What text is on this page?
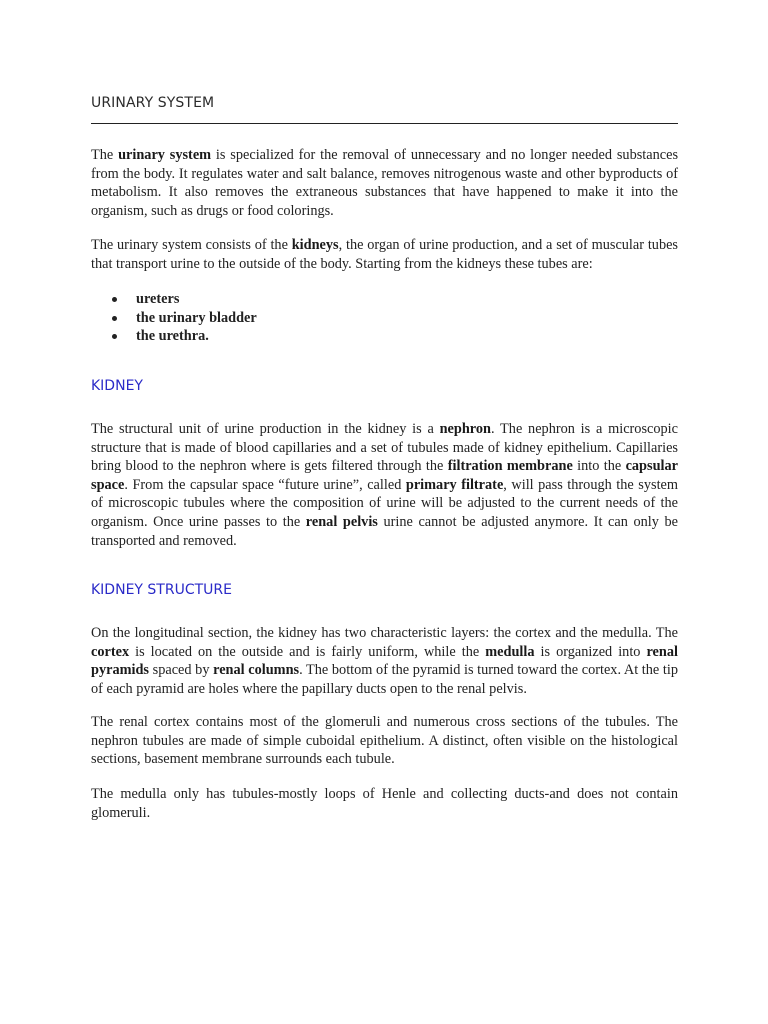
URINARY SYSTEM

The urinary system is specialized for the removal of unnecessary and no longer needed substances from the body. It regulates water and salt balance, removes nitrogenous waste and other byproducts of metabolism. It also removes the extraneous substances that have happened to make it into the organism, such as drugs or food colorings.

The urinary system consists of the kidneys, the organ of urine production, and a set of muscular tubes that transport urine to the outside of the body. Starting from the kidneys these tubes are:

ureters
the urinary bladder
the urethra.
KIDNEY

The structural unit of urine production in the kidney is a nephron. The nephron is a microscopic structure that is made of blood capillaries and a set of tubules made of kidney epithelium. Capillaries bring blood to the nephron where is gets filtered through the filtration membrane into the capsular space. From the capsular space “future urine”, called primary filtrate, will pass through the system of microscopic tubules where the composition of urine will be adjusted to the current needs of the organism. Once urine passes to the renal pelvis urine cannot be adjusted anymore. It can only be transported and removed.

KIDNEY STRUCTURE

On the longitudinal section, the kidney has two characteristic layers: the cortex and the medulla. The cortex is located on the outside and is fairly uniform, while the medulla is organized into renal pyramids spaced by renal columns. The bottom of the pyramid is turned toward the cortex. At the tip of each pyramid are holes where the papillary ducts open to the renal pelvis.

The renal cortex contains most of the glomeruli and numerous cross sections of the tubules. The nephron tubules are made of simple cuboidal epithelium. A distinct, often visible on the histological sections, basement membrane surrounds each tubule.

The medulla only has tubules-mostly loops of Henle and collecting ducts-and does not contain glomeruli.
